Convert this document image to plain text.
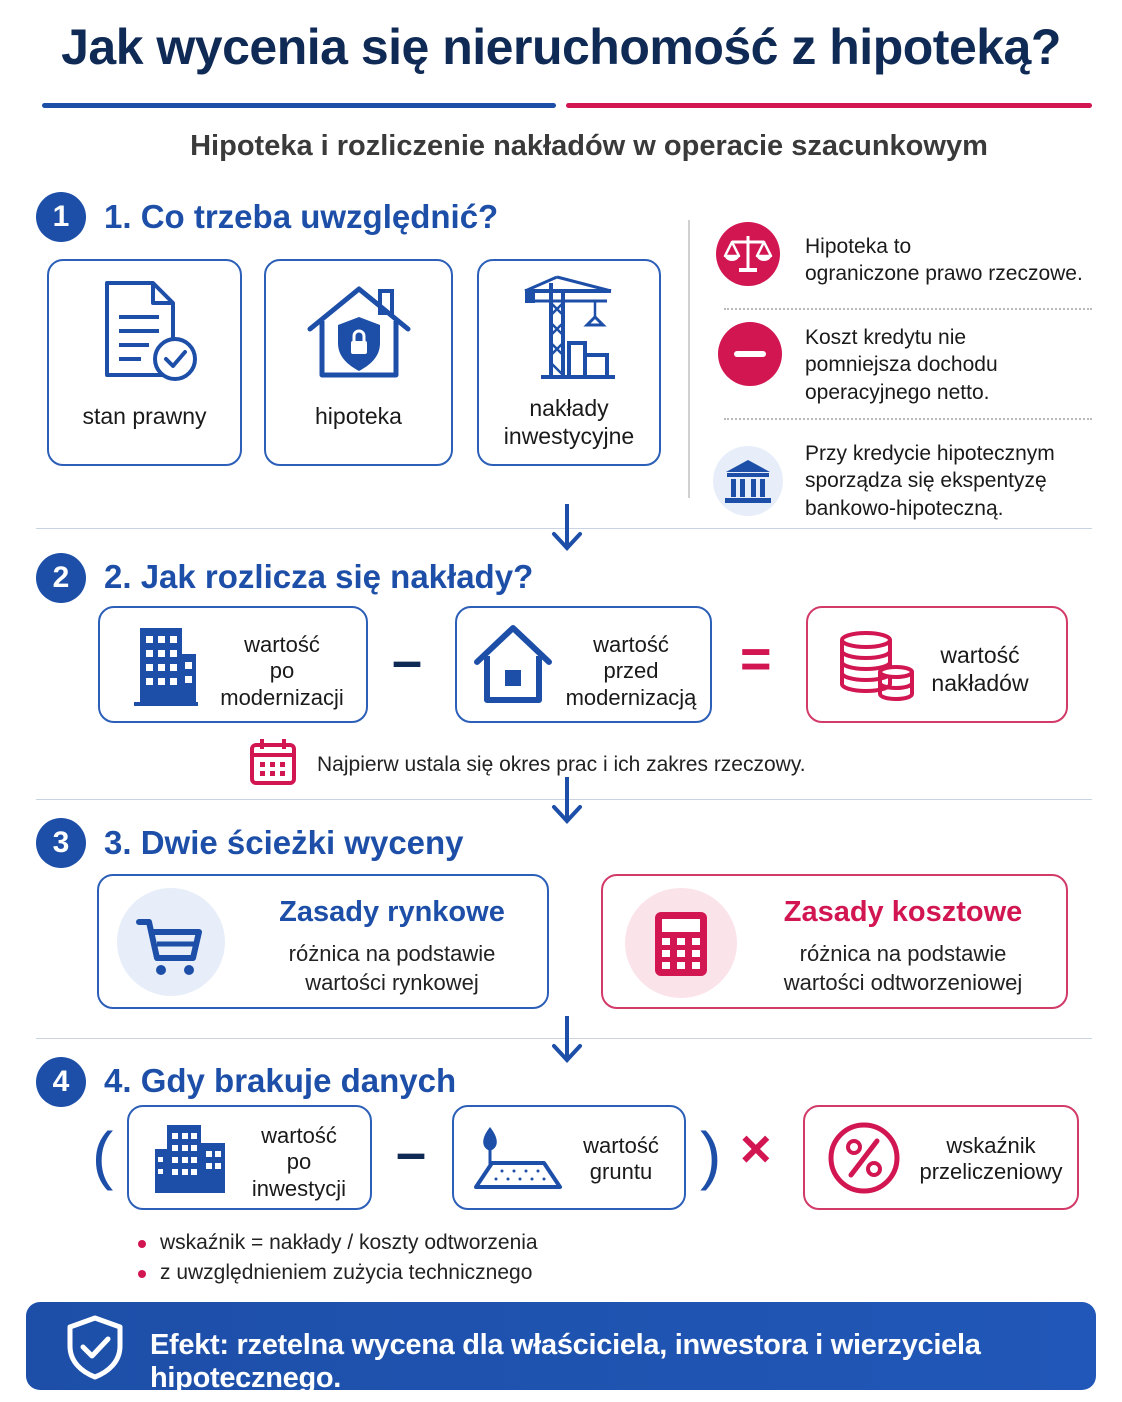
Jak wycenia się nieruchomość z hipoteką?
Hipoteka i rozliczenie nakładów w operacie szacunkowym
1	1. Co trzeba uwzględnić?
stan prawny	hipoteka	nakłady
inwestycyjne
Hipoteka to
ograniczone prawo rzeczowe.
Koszt kredytu nie
pomniejsza dochodu
operacyjnego netto.
Przy kredycie hipotecznym
sporządza się ekspentyzę
bankowo-hipoteczną.
2	2. Jak rozlicza się nakłady?
wartość
po
modernizacji
–	wartość
przed
modernizacją
=	wartość
nakładów
Najpierw ustala się okres prac i ich zakres rzeczowy.
3	3. Dwie ścieżki wyceny
Zasady rynkowe
różnica na podstawie
wartości rynkowej
Zasady kosztowe
różnica na podstawie
wartości odtworzeniowej
4	4. Gdy brakuje danych
(	wartość
po
inwestycji
–	wartość
gruntu ) ×	wskaźnik
przeliczeniowy
wskaźnik = nakłady / koszty odtworzenia
z uwzględnieniem zużycia technicznego
Efekt: rzetelna wycena dla właściciela, inwestora i wierzyciela hipotecznego.
